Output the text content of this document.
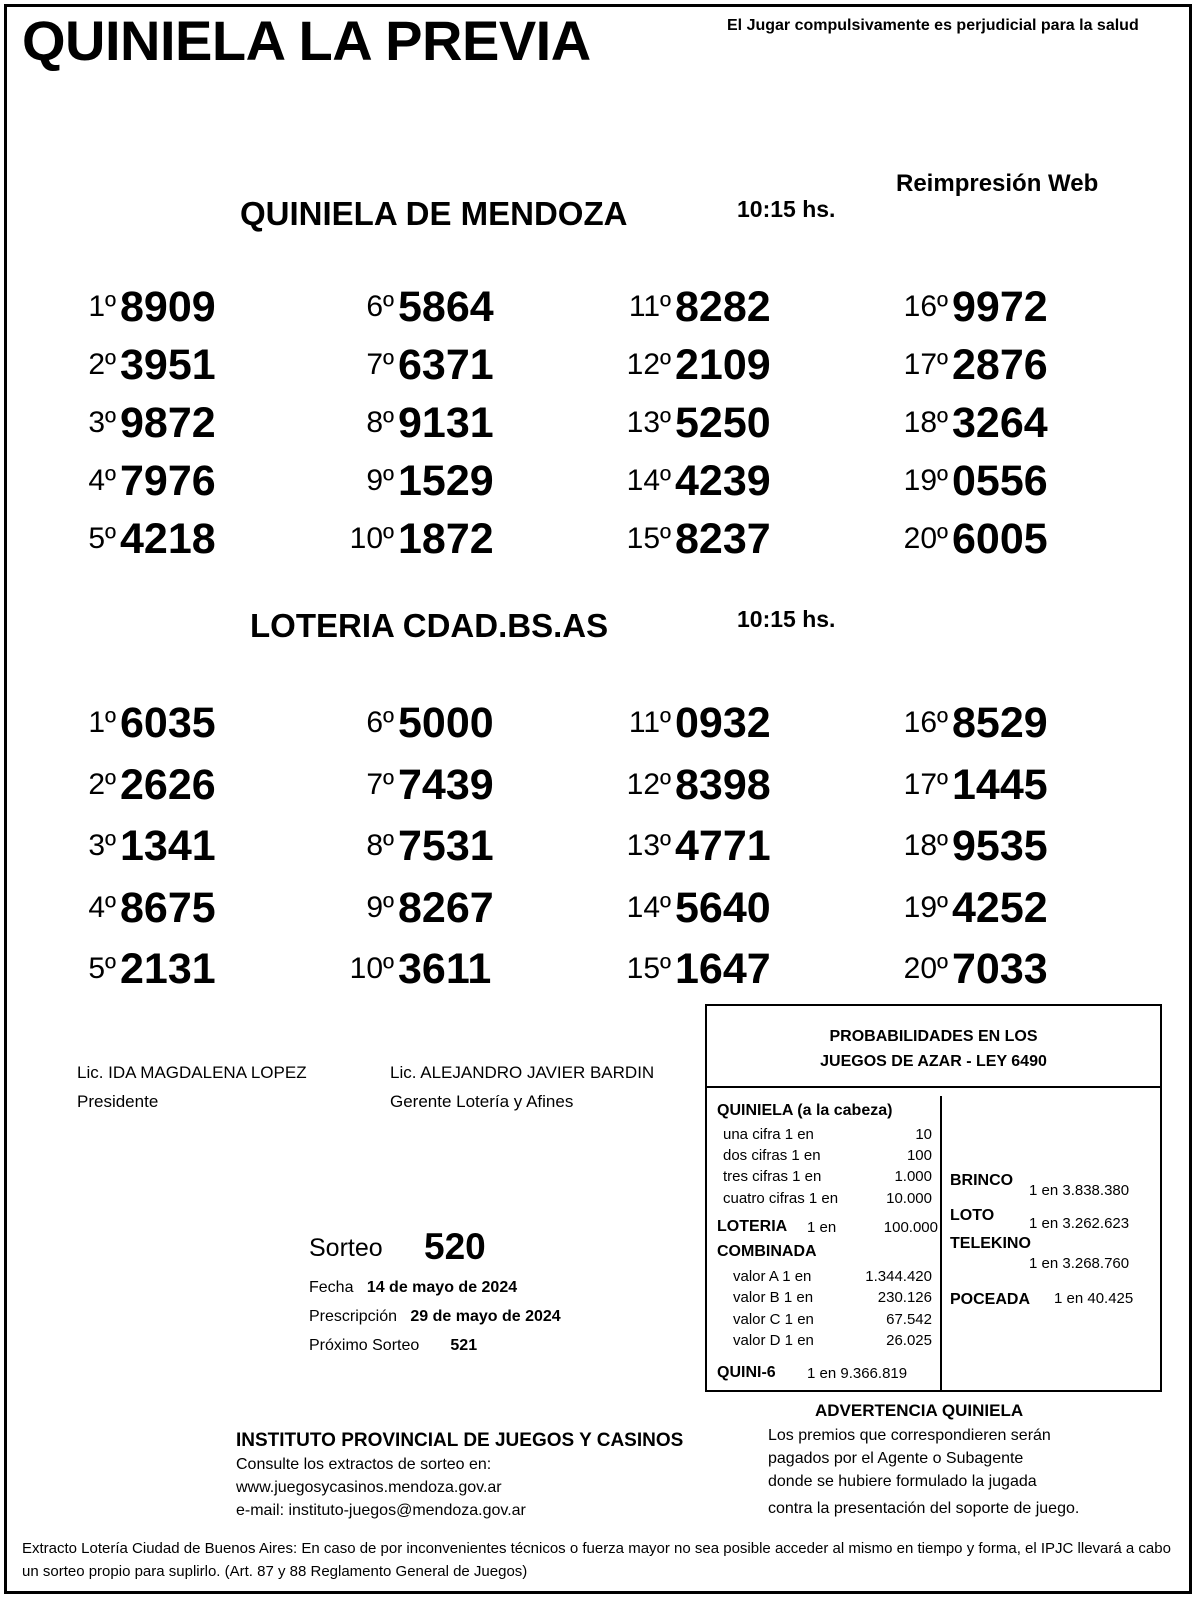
QUINIELA LA PREVIA	El Jugar compulsivamente es perjudicial para la salud
Reimpresión Web
QUINIELA DE MENDOZA	10:15 hs.
1º 8909
2º 3951
3º 9872
4º 7976
5º 4218
6º 5864
7º 6371
8º 9131
9º 1529
10º 1872
11º 8282
12º 2109
13º 5250
14º 4239
15º 8237
16º 9972
17º 2876
18º 3264
19º 0556
20º 6005
LOTERIA CDAD.BS.AS	10:15 hs.
1º 6035
2º 2626
3º 1341
4º 8675
5º 2131
6º 5000
7º 7439
8º 7531
9º 8267
10º 3611
11º 0932
12º 8398
13º 4771
14º 5640
15º 1647
16º 8529
17º 1445
18º 9535
19º 4252
20º 7033
Lic. IDA MAGDALENA LOPEZ
Presidente
Lic. ALEJANDRO JAVIER BARDIN
Gerente Lotería y Afines
Sorteo 520
Fecha 14 de mayo de 2024
Prescripción 29 de mayo de 2024
Próximo Sorteo 521
PROBABILIDADES EN LOS
JUEGOS DE AZAR - LEY 6490
QUINIELA (a la cabeza)
una cifra 1 en	10
dos cifras 1 en	100
tres cifras 1 en	1.000
cuatro cifras 1 en	10.000
LOTERIA 1 en	100.000
COMBINADA
valor A 1 en	1.344.420
valor B 1 en	230.126
valor C 1 en	67.542
valor D 1 en	26.025
QUINI-6 1 en 9.366.819
BRINCO
1 en 3.838.380
LOTO 1 en 3.262.623
TELEKINO
1 en 3.268.760
POCEADA 1 en 40.425
INSTITUTO PROVINCIAL DE JUEGOS Y CASINOS
Consulte los extractos de sorteo en:
www.juegosycasinos.mendoza.gov.ar
e-mail: instituto-juegos@mendoza.gov.ar
ADVERTENCIA QUINIELA
Los premios que correspondieren serán
pagados por el Agente o Subagente
donde se hubiere formulado la jugada
contra la presentación del soporte de juego.
Extracto Lotería Ciudad de Buenos Aires: En caso de por inconvenientes técnicos o fuerza mayor no sea posible acceder al mismo en tiempo y forma, el IPJC llevará a cabo un sorteo propio para suplirlo. (Art. 87 y 88 Reglamento General de Juegos)
